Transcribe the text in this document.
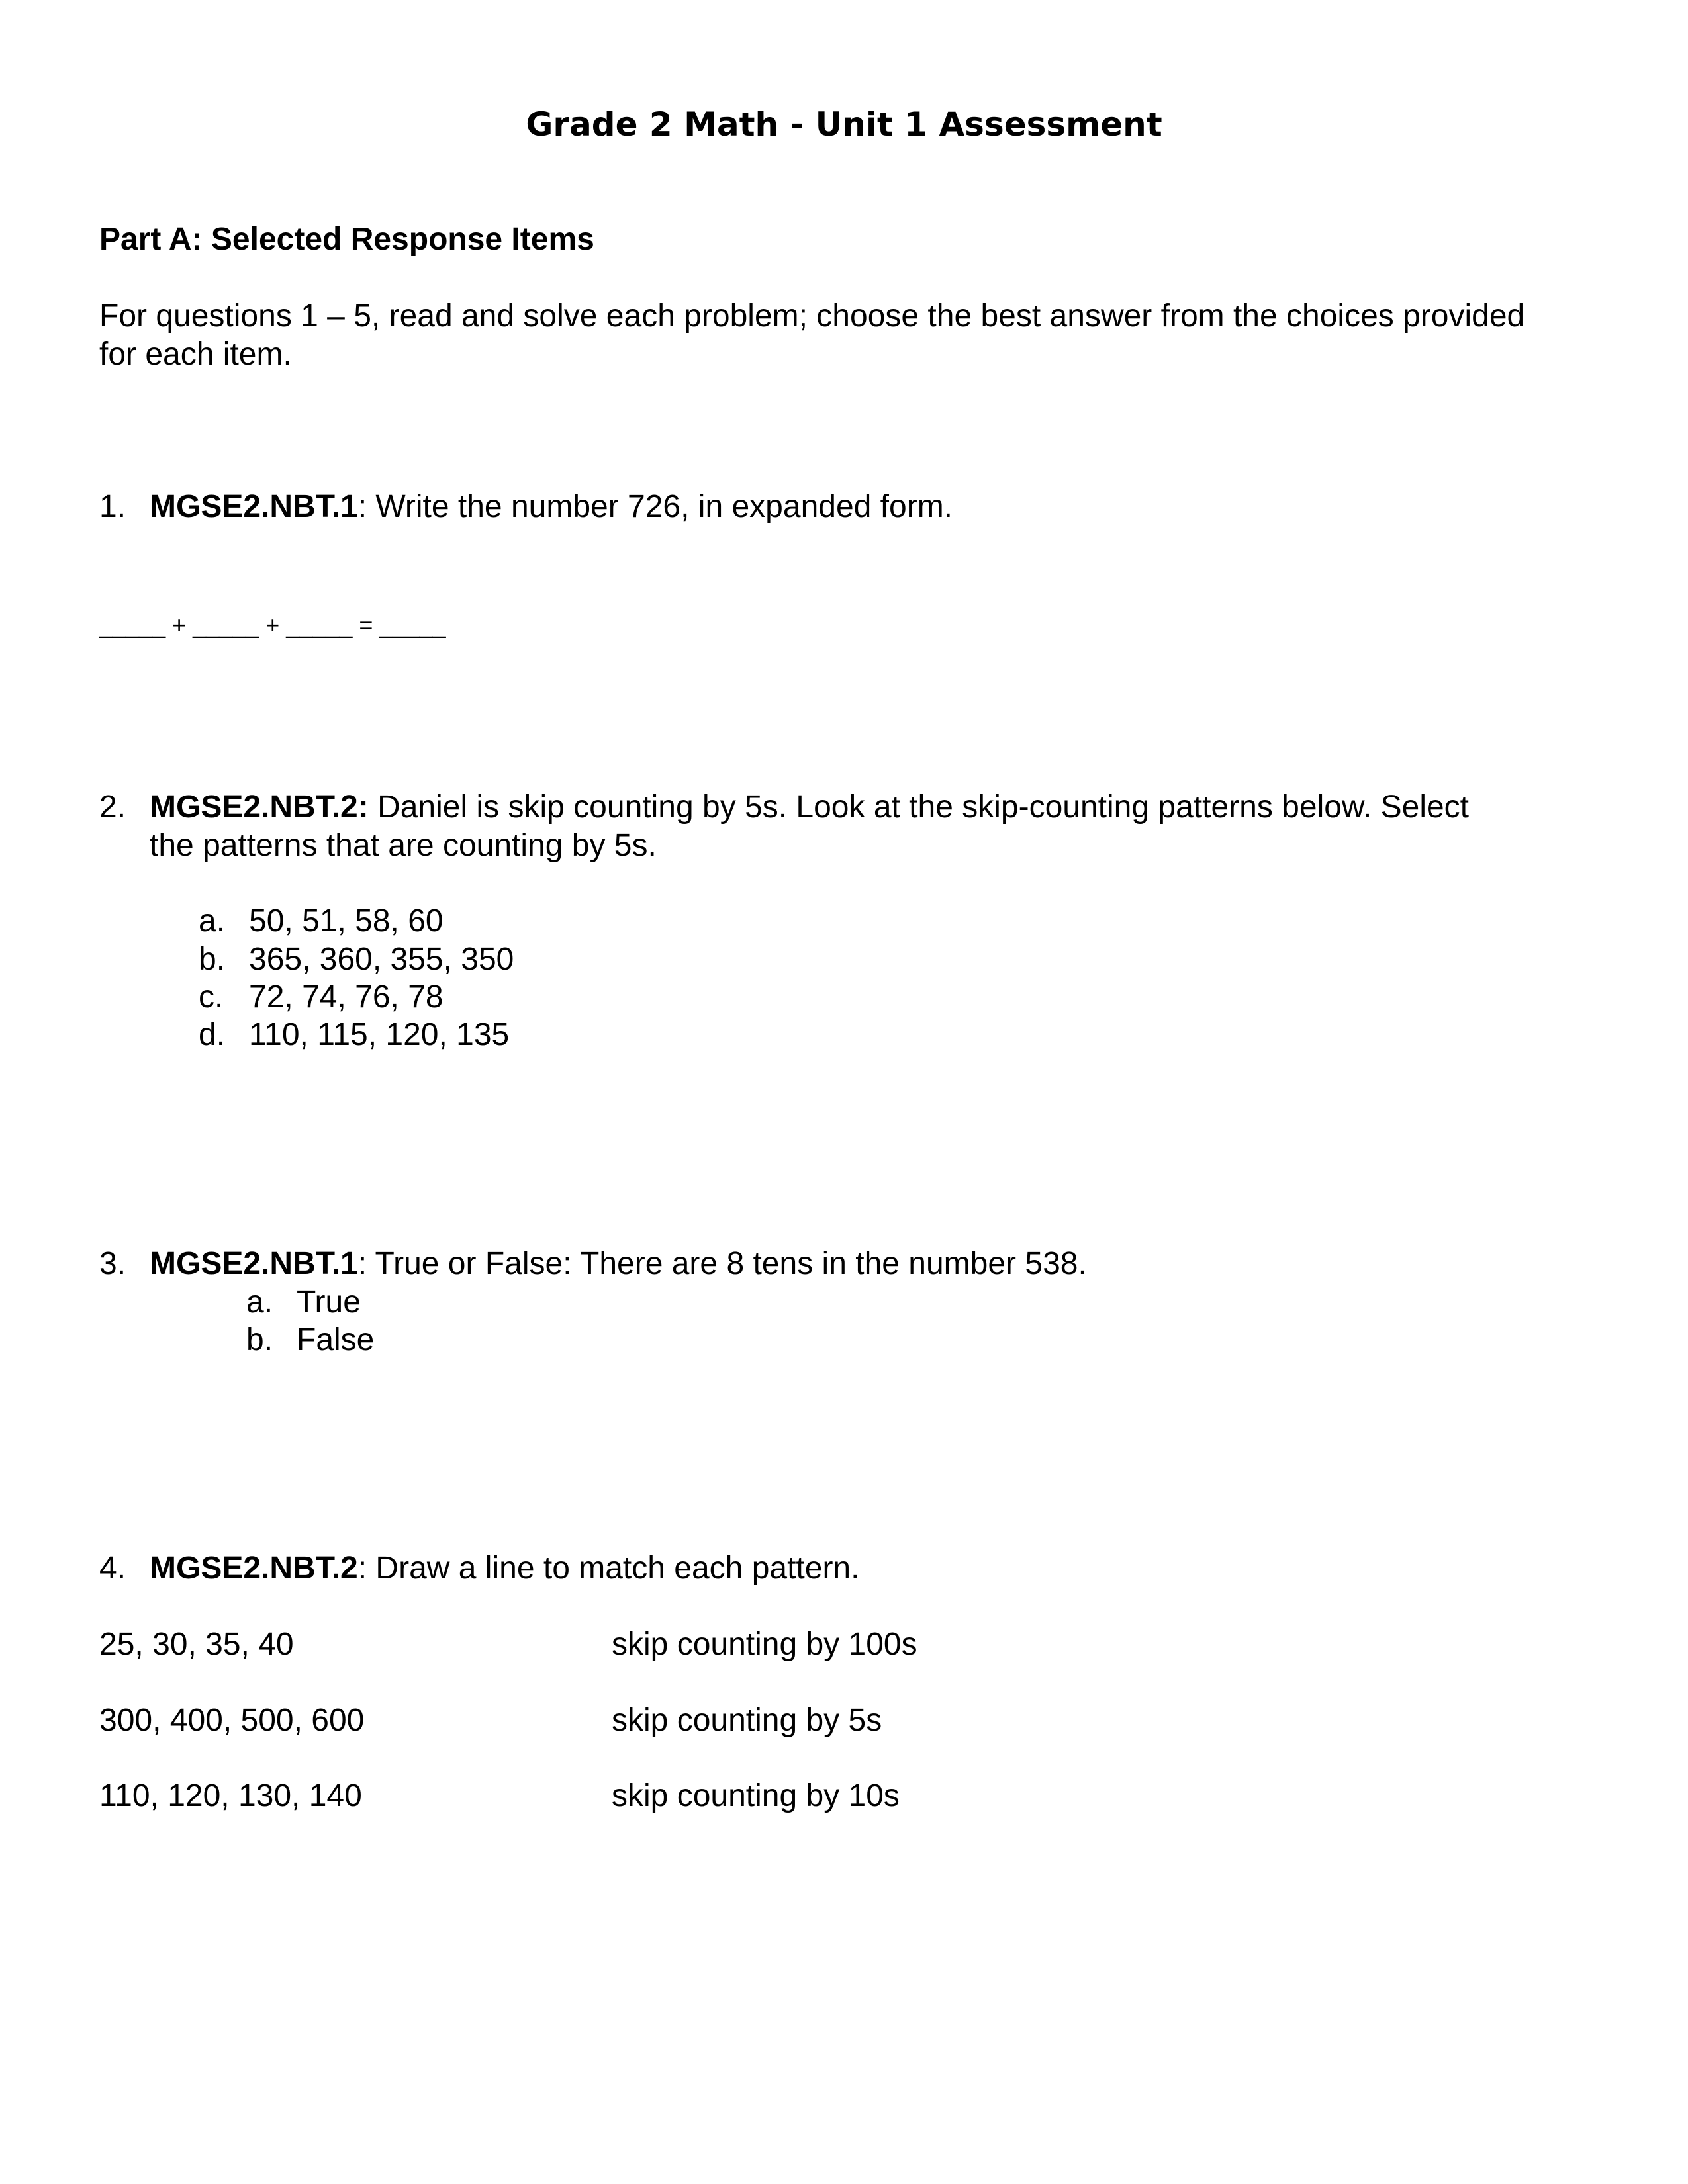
Grade 2 Math - Unit 1 Assessment
Part A: Selected Response Items
For questions 1 – 5, read and solve each problem; choose the best answer from the choices provided
for each item.
1. MGSE2.NBT.1: Write the number 726, in expanded form.
_____ + _____ + _____ = _____
2. MGSE2.NBT.2: Daniel is skip counting by 5s. Look at the skip-counting patterns below. Select
the patterns that are counting by 5s.
a. 50, 51, 58, 60
b. 365, 360, 355, 350
c. 72, 74, 76, 78
d. 110, 115, 120, 135
3. MGSE2.NBT.1: True or False: There are 8 tens in the number 538.
a. True
b. False
4. MGSE2.NBT.2: Draw a line to match each pattern.
25, 30, 35, 40	skip counting by 100s
300, 400, 500, 600	skip counting by 5s
110, 120, 130, 140	skip counting by 10s
